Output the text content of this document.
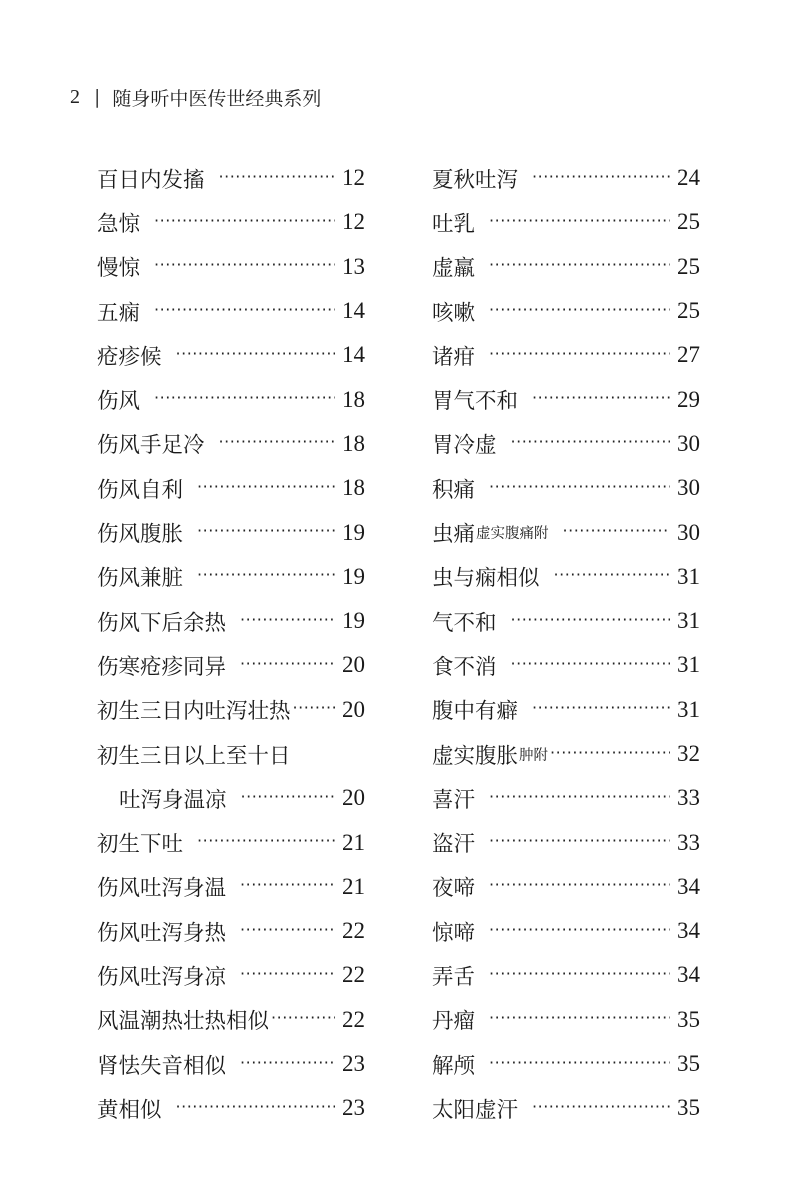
2 | 随身听中医传世经典系列
百日内发搐 ·····	12
急惊 ·····	12
慢惊 ·····	13
五痫 ·····	14
疮疹候 ·····	14
伤风 ·····	18
伤风手足冷 ·····	18
伤风自利 ·····	18
伤风腹胀 ·····	19
伤风兼脏 ·····	19
伤风下后余热 ·····	19
伤寒疮疹同异 ·····	20
初生三日内吐泻壮热 ····· 20
初生三日以上至十日
吐泻身温凉 ·····	20
初生下吐 ·····	21
伤风吐泻身温 ·····	21
伤风吐泻身热 ·····	22
伤风吐泻身凉 ·····	22
风温潮热壮热相似 ·····	22
肾怯失音相似 ·····	23
黄相似 ·····	23
夏秋吐泻 ·····	24
吐乳 ·····	25
虚羸 ·····	25
咳嗽 ·····	25
诸疳 ·····	27
胃气不和 ·····	29
胃冷虚 ·····	30
积痛 ·····	30
虫痛 虚实腹痛附 ·····	30
虫与痫相似 ·····	31
气不和 ·····	31
食不消 ·····	31
腹中有癖 ·····	31
虚实腹胀 肿附 ·····	32
喜汗 ·····	33
盗汗 ·····	33
夜啼 ·····	34
惊啼 ·····	34
弄舌 ·····	34
丹瘤 ·····	35
解颅 ·····	35
太阳虚汗 ·····	35
